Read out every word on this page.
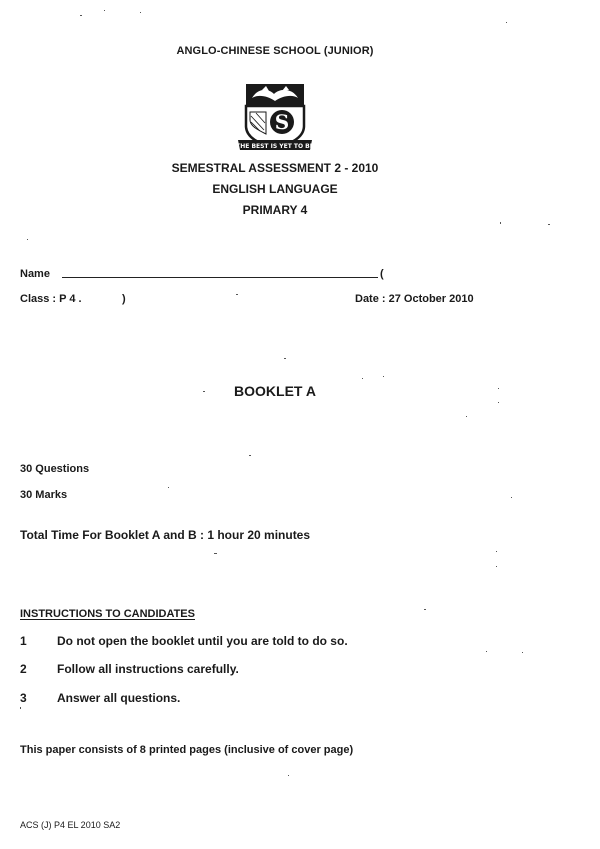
ANGLO-CHINESE SCHOOL (JUNIOR)
S
THE BEST IS YET TO BE
SEMESTRAL ASSESSMENT 2 - 2010
ENGLISH LANGUAGE
PRIMARY 4
Name	(
Class : P 4 .	)	Date : 27 October 2010
BOOKLET A
30 Questions
30 Marks
Total Time For Booklet A and B : 1 hour 20 minutes
INSTRUCTIONS TO CANDIDATES
1	Do not open the booklet until you are told to do so.
2	Follow all instructions carefully.
3	Answer all questions.
This paper consists of 8 printed pages (inclusive of cover page)
ACS (J) P4 EL 2010 SA2
